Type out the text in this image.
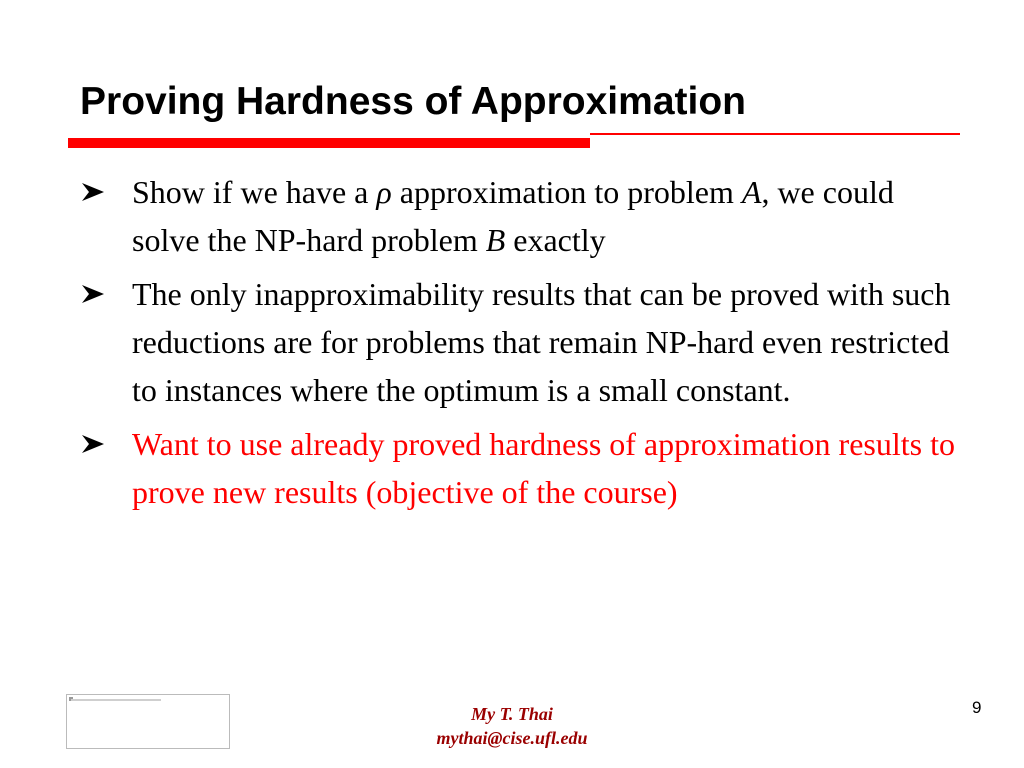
Proving Hardness of Approximation
Show if we have a ρ approximation to problem A, we could solve the NP-hard problem B exactly
The only inapproximability results that can be proved with such reductions are for problems that remain NP-hard even restricted to instances where the optimum is a small constant.
Want to use already proved hardness of approximation results to prove new results (objective of the course)
My T. Thai
mythai@cise.ufl.edu
9
